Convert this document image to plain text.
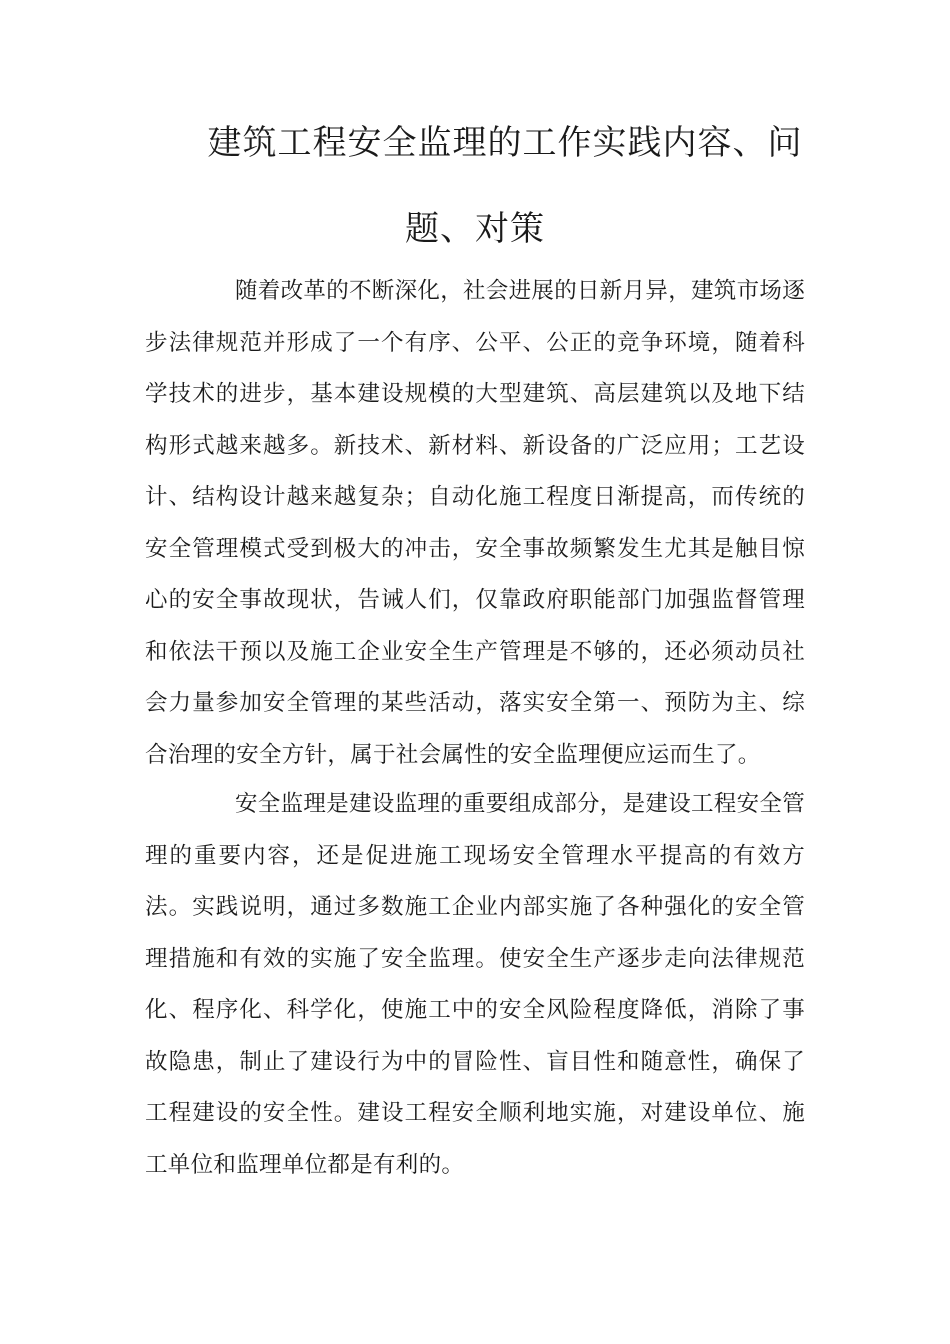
建筑工程安全监理的工作实践内容、问
题、对策

随着改革的不断深化，社会进展的日新月异，建筑市场逐步法律规范并形成了一个有序、公平、公正的竞争环境，随着科学技术的进步，基本建设规模的大型建筑、高层建筑以及地下结构形式越来越多。新技术、新材料、新设备的广泛应用；工艺设计、结构设计越来越复杂；自动化施工程度日渐提高，而传统的安全管理模式受到极大的冲击，安全事故频繁发生尤其是触目惊心的安全事故现状，告诫人们，仅靠政府职能部门加强监督管理和依法干预以及施工企业安全生产管理是不够的，还必须动员社会力量参加安全管理的某些活动，落实安全第一、预防为主、综合治理的安全方针，属于社会属性的安全监理便应运而生了。

安全监理是建设监理的重要组成部分，是建设工程安全管理的重要内容，还是促进施工现场安全管理水平提高的有效方法。实践说明，通过多数施工企业内部实施了各种强化的安全管理措施和有效的实施了安全监理。使安全生产逐步走向法律规范化、程序化、科学化，使施工中的安全风险程度降低，消除了事故隐患，制止了建设行为中的冒险性、盲目性和随意性，确保了工程建设的安全性。建设工程安全顺利地实施，对建设单位、施工单位和监理单位都是有利的。
